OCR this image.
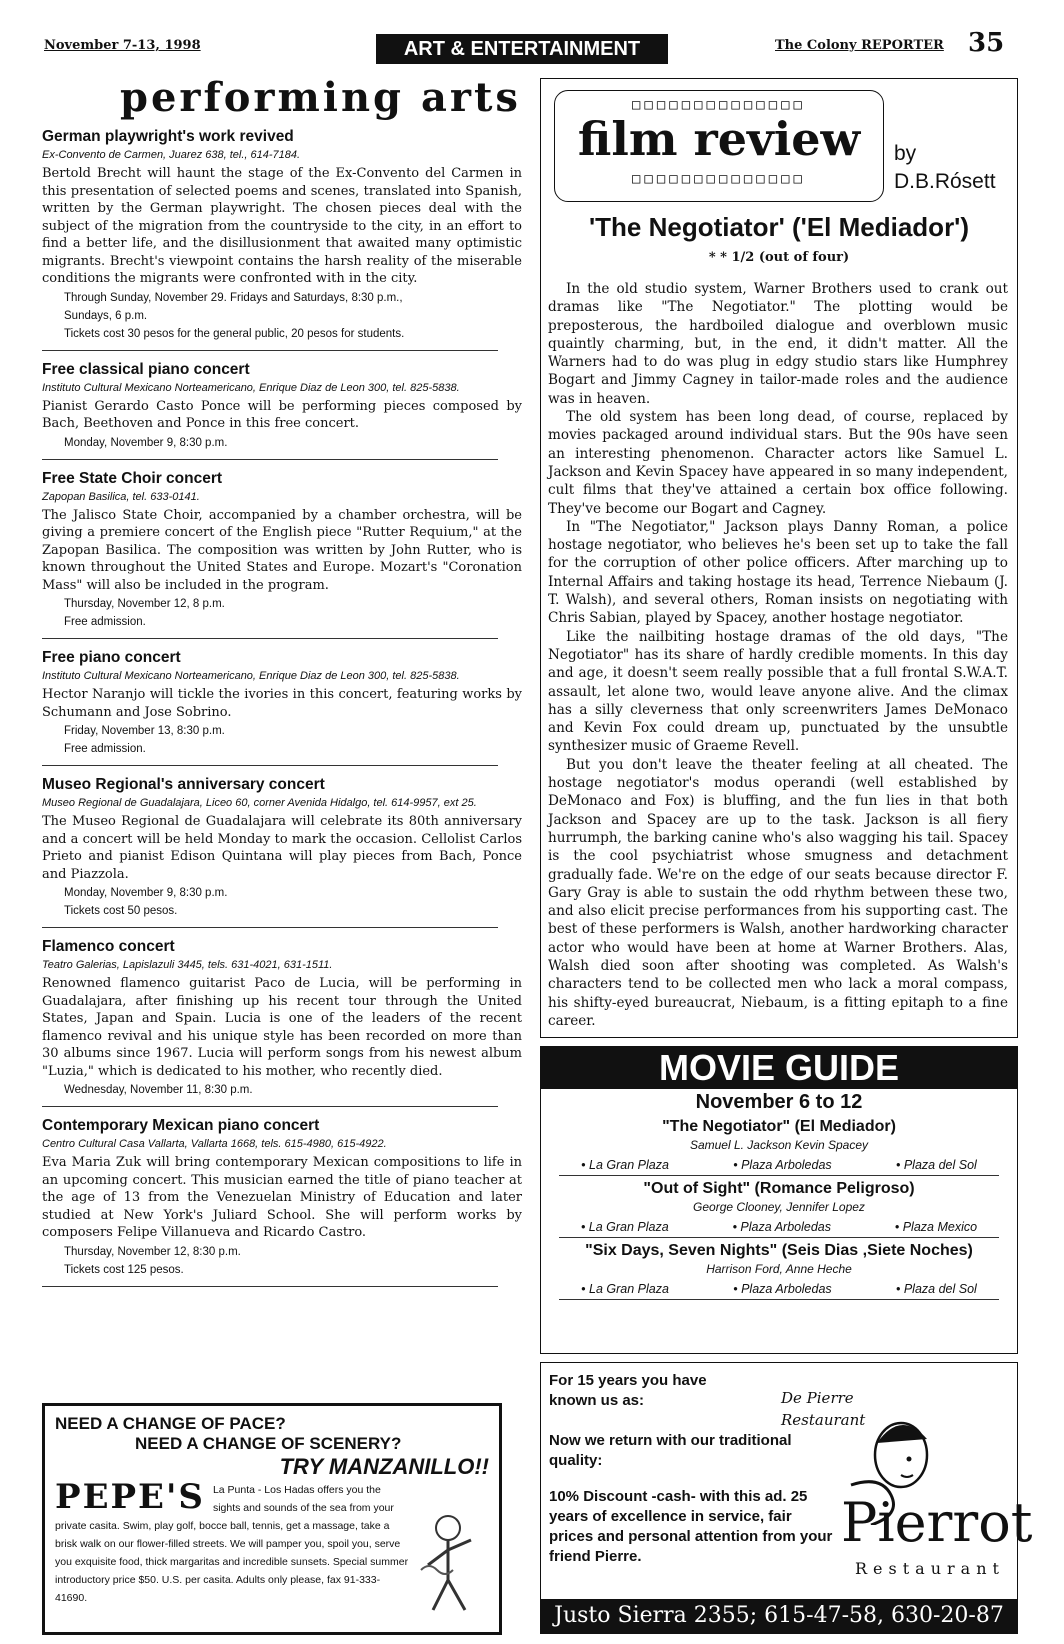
November 7-13, 1998	ART & ENTERTAINMENT	The Colony REPORTER 35
performing arts
German playwright's work revived
Ex-Convento de Carmen, Juarez 638, tel., 614-7184.

Bertold Brecht will haunt the stage of the Ex-Convento del Carmen in this presentation of selected poems and scenes, translated into Spanish, written by the German playwright. The chosen pieces deal with the subject of the migration from the countryside to the city, in an effort to find a better life, and the disillusionment that awaited many optimistic migrants. Brecht's viewpoint contains the harsh reality of the miserable conditions the migrants were confronted with in the city.

Through Sunday, November 29. Fridays and Saturdays, 8:30 p.m.,
Sundays, 6 p.m.
Tickets cost 30 pesos for the general public, 20 pesos for students.
Free classical piano concert
Instituto Cultural Mexicano Norteamericano, Enrique Diaz de Leon 300, tel. 825-5838.

Pianist Gerardo Casto Ponce will be performing pieces composed by Bach, Beethoven and Ponce in this free concert.

Monday, November 9, 8:30 p.m.
Free State Choir concert
Zapopan Basilica, tel. 633-0141.

The Jalisco State Choir, accompanied by a chamber orchestra, will be giving a premiere concert of the English piece "Rutter Requium," at the Zapopan Basilica. The composition was written by John Rutter, who is known throughout the United States and Europe. Mozart's "Coronation Mass" will also be included in the program.

Thursday, November 12, 8 p.m.
Free admission.
Free piano concert
Instituto Cultural Mexicano Norteamericano, Enrique Diaz de Leon 300, tel. 825-5838.

Hector Naranjo will tickle the ivories in this concert, featuring works by Schumann and Jose Sobrino.

Friday, November 13, 8:30 p.m.
Free admission.
Museo Regional's anniversary concert
Museo Regional de Guadalajara, Liceo 60, corner Avenida Hidalgo, tel. 614-9957, ext 25.

The Museo Regional de Guadalajara will celebrate its 80th anniversary and a concert will be held Monday to mark the occasion. Cellolist Carlos Prieto and pianist Edison Quintana will play pieces from Bach, Ponce and Piazzola.

Monday, November 9, 8:30 p.m.
Tickets cost 50 pesos.
Flamenco concert
Teatro Galerias, Lapislazuli 3445, tels. 631-4021, 631-1511.

Renowned flamenco guitarist Paco de Lucia, will be performing in Guadalajara, after finishing up his recent tour through the United States, Japan and Spain. Lucia is one of the leaders of the recent flamenco revival and his unique style has been recorded on more than 30 albums since 1967. Lucia will perform songs from his newest album "Luzia," which is dedicated to his mother, who recently died.

Wednesday, November 11, 8:30 p.m.
Contemporary Mexican piano concert
Centro Cultural Casa Vallarta, Vallarta 1668, tels. 615-4980, 615-4922.

Eva Maria Zuk will bring contemporary Mexican compositions to life in an upcoming concert. This musician earned the title of piano teacher at the age of 13 from the Venezuelan Ministry of Education and later studied at New York's Juliard School. She will perform works by composers Felipe Villanueva and Ricardo Castro.

Thursday, November 12, 8:30 p.m.
Tickets cost 125 pesos.
NEED A CHANGE OF PACE?
NEED A CHANGE OF SCENERY?
TRY MANZANILLO!!
PEPE'S La Punta - Los Hadas offers you the sights and sounds of the sea from your private casita. Swim, play golf, bocce ball, tennis, get a massage, take a brisk walk on our flower-filled streets. We will pamper you, spoil you, serve you exquisite food, thick margaritas and incredible sunsets. Special summer introductory price $50. U.S. per casita. Adults only please, fax 91-333-41690.
□□□□□□□□□□□□□□
film review
□□□□□□□□□□□□□□
by
D.B.Rósett
'The Negotiator' ('El Mediador')
* * 1/2 (out of four)

In the old studio system, Warner Brothers used to crank out dramas like "The Negotiator." The plotting would be preposterous, the hardboiled dialogue and overblown music quaintly charming, but, in the end, it didn't matter. All the Warners had to do was plug in edgy studio stars like Humphrey Bogart and Jimmy Cagney in tailor-made roles and the audience was in heaven.

The old system has been long dead, of course, replaced by movies packaged around individual stars. But the 90s have seen an interesting phenomenon. Character actors like Samuel L. Jackson and Kevin Spacey have appeared in so many independent, cult films that they've attained a certain box office following. They've become our Bogart and Cagney.

In "The Negotiator," Jackson plays Danny Roman, a police hostage negotiator, who believes he's been set up to take the fall for the corruption of other police officers. After marching up to Internal Affairs and taking hostage its head, Terrence Niebaum (J. T. Walsh), and several others, Roman insists on negotiating with Chris Sabian, played by Spacey, another hostage negotiator.

Like the nailbiting hostage dramas of the old days, "The Negotiator" has its share of hardly credible moments. In this day and age, it doesn't seem really possible that a full frontal S.W.A.T. assault, let alone two, would leave anyone alive. And the climax has a silly cleverness that only screenwriters James DeMonaco and Kevin Fox could dream up, punctuated by the unsubtle synthesizer music of Graeme Revell.

But you don't leave the theater feeling at all cheated. The hostage negotiator's modus operandi (well established by DeMonaco and Fox) is bluffing, and the fun lies in that both Jackson and Spacey are up to the task. Jackson is all fiery hurrumph, the barking canine who's also wagging his tail. Spacey is the cool psychiatrist whose smugness and detachment gradually fade. We're on the edge of our seats because director F. Gary Gray is able to sustain the odd rhythm between these two, and also elicit precise performances from his supporting cast. The best of these performers is Walsh, another hardworking character actor who would have been at home at Warner Brothers. Alas, Walsh died soon after shooting was completed. As Walsh's characters tend to be collected men who lack a moral compass, his shifty-eyed bureaucrat, Niebaum, is a fitting epitaph to a fine career.

MOVIE GUIDE
November 6 to 12
"The Negotiator" (El Mediador)
Samuel L. Jackson Kevin Spacey
• La Gran Plaza	• Plaza Arboledas	• Plaza del Sol
"Out of Sight" (Romance Peligroso)
George Clooney, Jennifer Lopez
• La Gran Plaza	• Plaza Arboledas	• Plaza Mexico
"Six Days, Seven Nights" (Seis Dias ,Siete Noches)
Harrison Ford, Anne Heche
• La Gran Plaza	• Plaza Arboledas	• Plaza del Sol
For 15 years you have known us as:	De Pierre Restaurant
Now we return with our traditional quality:
10% Discount -cash- with this ad. 25 years of excellence in service, fair prices and personal attention from your friend Pierre.
Pierrot
Restaurant
Justo Sierra 2355; 615-47-58, 630-20-87
